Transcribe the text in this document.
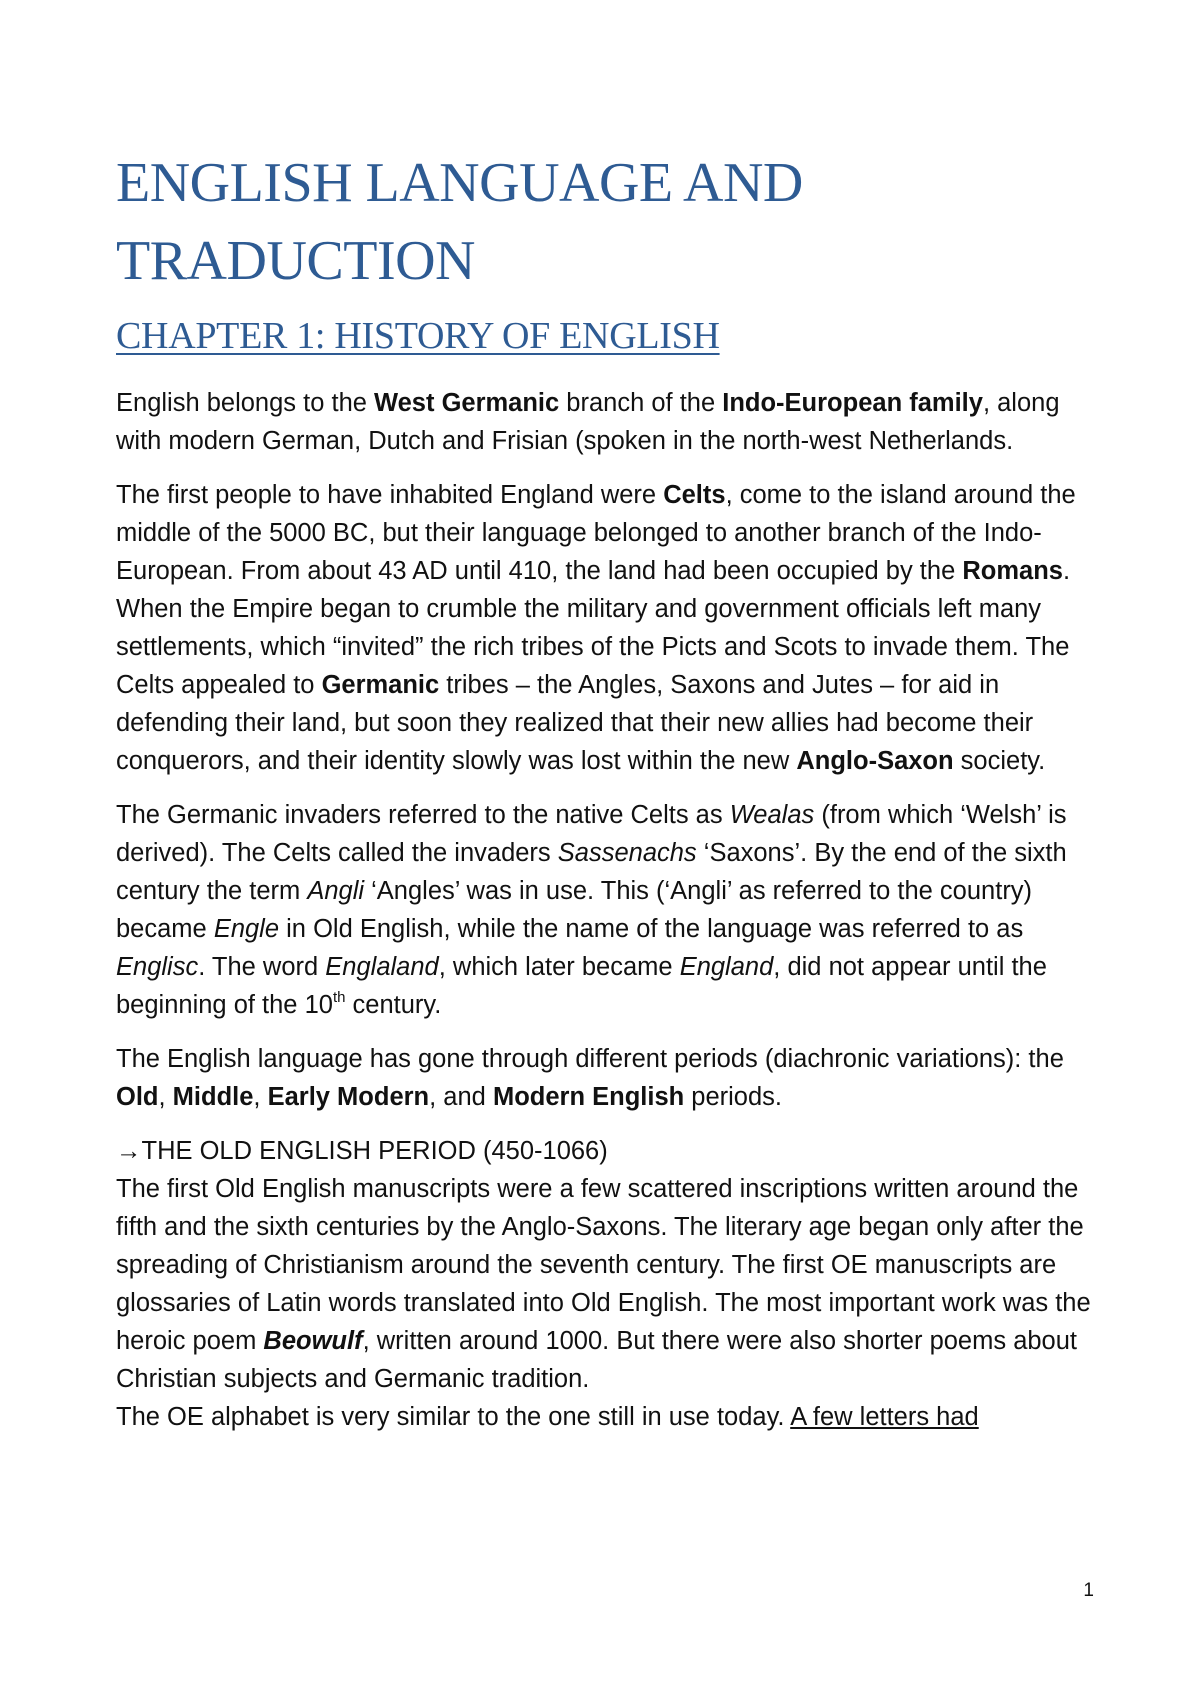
ENGLISH LANGUAGE AND TRADUCTION
CHAPTER 1: HISTORY OF ENGLISH

English belongs to the West Germanic branch of the Indo-European family, along with modern German, Dutch and Frisian (spoken in the north-west Netherlands.

The first people to have inhabited England were Celts, come to the island around the middle of the 5000 BC, but their language belonged to another branch of the Indo-European. From about 43 AD until 410, the land had been occupied by the Romans. When the Empire began to crumble the military and government officials left many settlements, which “invited” the rich tribes of the Picts and Scots to invade them. The Celts appealed to Germanic tribes – the Angles, Saxons and Jutes – for aid in defending their land, but soon they realized that their new allies had become their conquerors, and their identity slowly was lost within the new Anglo-Saxon society.

The Germanic invaders referred to the native Celts as Wealas (from which ‘Welsh’ is derived). The Celts called the invaders Sassenachs ‘Saxons’. By the end of the sixth century the term Angli ‘Angles’ was in use. This (‘Angli’ as referred to the country) became Engle in Old English, while the name of the language was referred to as Englisc. The word Englaland, which later became England, did not appear until the beginning of the 10th century.

The English language has gone through different periods (diachronic variations): the Old, Middle, Early Modern, and Modern English periods.

→THE OLD ENGLISH PERIOD (450-1066)

The first Old English manuscripts were a few scattered inscriptions written around the fifth and the sixth centuries by the Anglo-Saxons. The literary age began only after the spreading of Christianism around the seventh century. The first OE manuscripts are glossaries of Latin words translated into Old English. The most important work was the heroic poem Beowulf, written around 1000. But there were also shorter poems about Christian subjects and Germanic tradition.

The OE alphabet is very similar to the one still in use today. A few letters had

1
